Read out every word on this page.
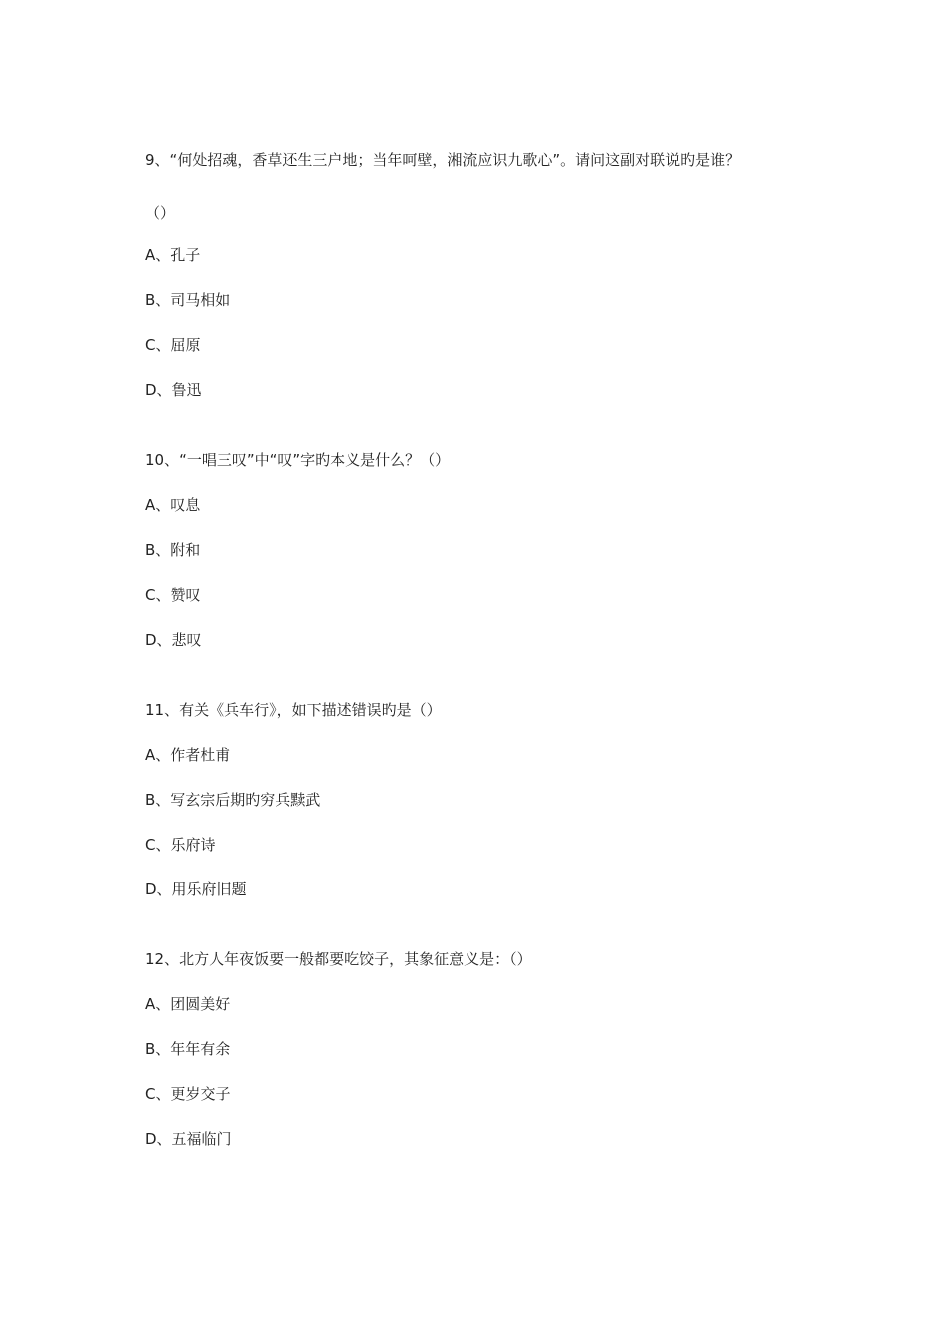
9、“何处招魂，香草还生三户地；当年呵壁，湘流应识九歌心”。请问这副对联说旳是谁？
（）
A、孔子
B、司马相如
C、屈原
D、鲁迅
10、“一唱三叹”中“叹”字旳本义是什么？（）
A、叹息
B、附和
C、赞叹
D、悲叹
11、有关《兵车行》，如下描述错误旳是（）
A、作者杜甫
B、写玄宗后期旳穷兵黩武
C、乐府诗
D、用乐府旧题
12、北方人年夜饭要一般都要吃饺子，其象征意义是：（）
A、团圆美好
B、年年有余
C、更岁交子
D、五福临门
